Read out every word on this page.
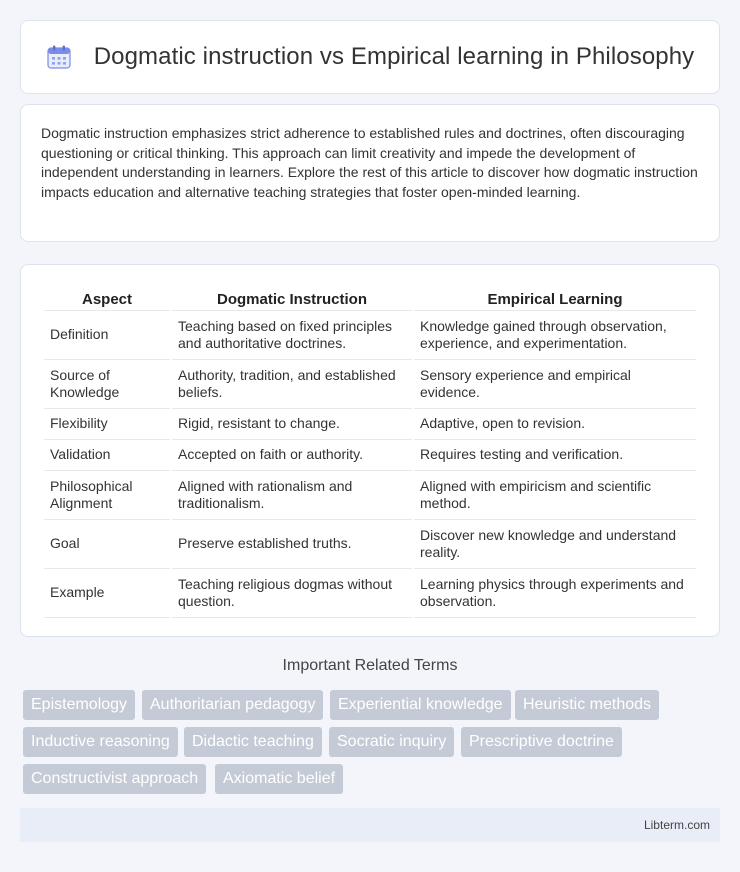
Dogmatic instruction vs Empirical learning in Philosophy

Dogmatic instruction emphasizes strict adherence to established rules and doctrines, often discouraging questioning or critical thinking. This approach can limit creativity and impede the development of independent understanding in learners. Explore the rest of this article to discover how dogmatic instruction impacts education and alternative teaching strategies that foster open-minded learning.

Aspect	Dogmatic Instruction	Empirical Learning
Definition	Teaching based on fixed principles and authoritative doctrines.	Knowledge gained through observation, experience, and experimentation.
Source of Knowledge	Authority, tradition, and established beliefs.	Sensory experience and empirical evidence.
Flexibility	Rigid, resistant to change.	Adaptive, open to revision.
Validation	Accepted on faith or authority.	Requires testing and verification.
Philosophical Alignment	Aligned with rationalism and traditionalism.	Aligned with empiricism and scientific method.
Goal	Preserve established truths.	Discover new knowledge and understand reality.
Example	Teaching religious dogmas without question.	Learning physics through experiments and observation.
Important Related Terms
Epistemology	Authoritarian pedagogy	Experiential knowledge	Heuristic methods
Inductive reasoning	Didactic teaching	Socratic inquiry	Prescriptive doctrine
Constructivist approach	Axiomatic belief
Libterm.com
